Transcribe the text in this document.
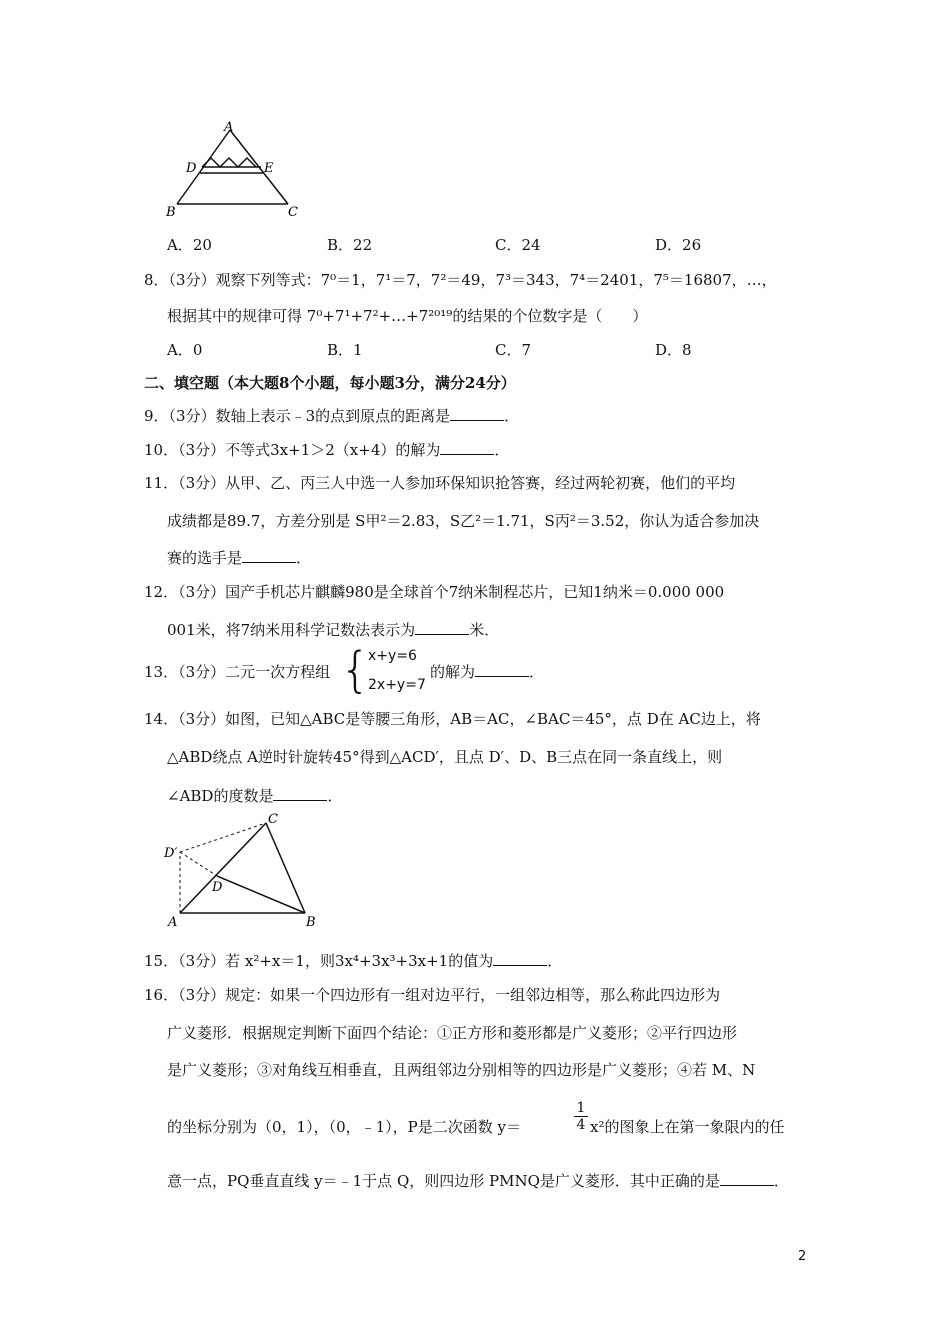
A
D	E
B	C
A．20	B．22	C．24	D．26
8．（3分）观察下列等式：7⁰＝1，7¹＝7，7²＝49，7³＝343，7⁴＝2401，7⁵＝16807，…，
根据其中的规律可得 7⁰+7¹+7²+…+7²⁰¹⁹的结果的个位数字是（　　）
A．0	B．1	C．7	D．8
二、填空题（本大题8个小题，每小题3分，满分24分）
9．（3分）数轴上表示﹣3的点到原点的距离是	．
10．（3分）不等式3x+1＞2（x+4）的解为	．
11．（3分）从甲、乙、丙三人中选一人参加环保知识抢答赛，经过两轮初赛，他们的平均
成绩都是89.7，方差分别是 S甲²＝2.83，S乙²＝1.71，S丙²＝3.52，你认为适合参加决
赛的选手是	．
12．（3分）国产手机芯片麒麟980是全球首个7纳米制程芯片，已知1纳米＝0.000 000
001米，将7纳米用科学记数法表示为	米．
13．（3分）二元一次方程组 {
x+y=6
2x+y=7
的解为	．
14．（3分）如图，已知△ABC是等腰三角形，AB＝AC，∠BAC＝45°，点 D在 AC边上，将
△ABD绕点 A逆时针旋转45°得到△ACD′，且点 D′、D、B三点在同一条直线上，则
∠ABD的度数是	．
C
D′
D
A	B
15．（3分）若 x²+x＝1，则3x⁴+3x³+3x+1的值为	．
16．（3分）规定：如果一个四边形有一组对边平行，一组邻边相等，那么称此四边形为
广义菱形．根据规定判断下面四个结论：①正方形和菱形都是广义菱形；②平行四边形
是广义菱形；③对角线互相垂直，且两组邻边分别相等的四边形是广义菱形；④若 M、N
的坐标分别为（0，1），（0，﹣1），P是二次函数 y＝	$\frac{1}{4} x^2$的图象上在第一象限内的任
意一点，PQ垂直直线 y＝﹣1于点 Q，则四边形 PMNQ是广义菱形．其中正确的是	．
2
